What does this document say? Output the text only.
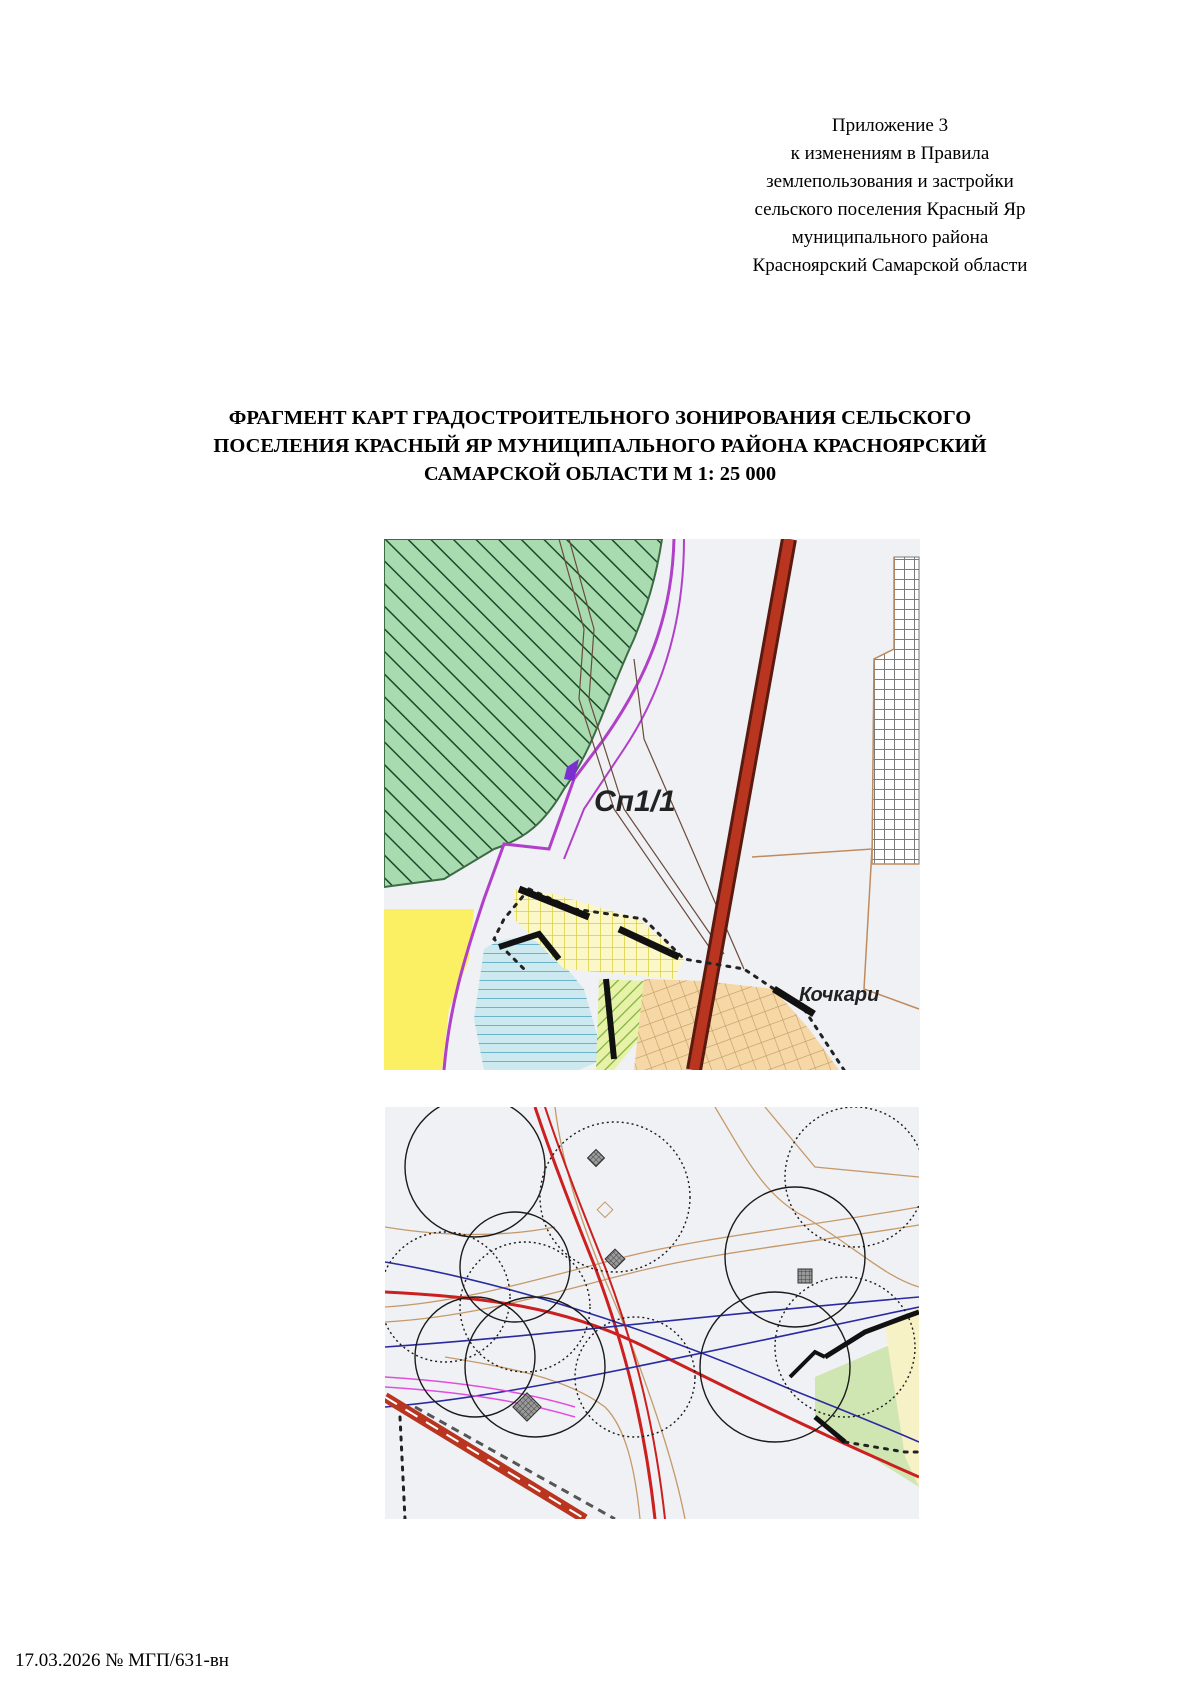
Приложение 3
к изменениям в Правила
землепользования и застройки
сельского поселения Красный Яр
муниципального района
Красноярский Самарской области
ФРАГМЕНТ КАРТ ГРАДОСТРОИТЕЛЬНОГО ЗОНИРОВАНИЯ СЕЛЬСКОГО
ПОСЕЛЕНИЯ КРАСНЫЙ ЯР МУНИЦИПАЛЬНОГО РАЙОНА КРАСНОЯРСКИЙ
САМАРСКОЙ ОБЛАСТИ М 1: 25 000
Сп1/1
Кочкари
17.03.2026 № МГП/631-вн
